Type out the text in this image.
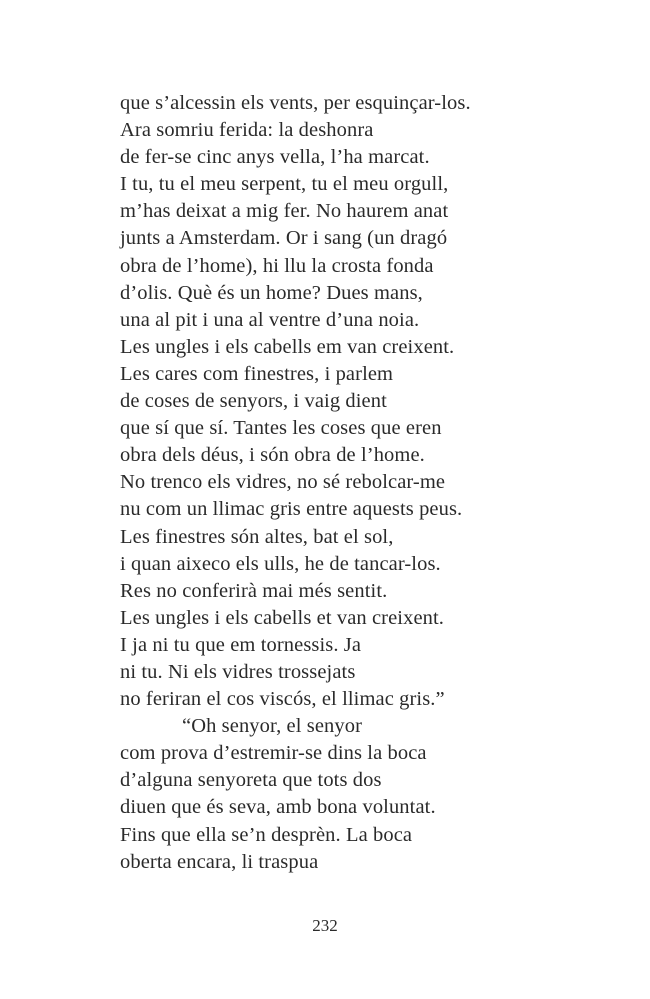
que s’alcessin els vents, per esquinçar-los.
Ara somriu ferida: la deshonra
de fer-se cinc anys vella, l’ha marcat.
I tu, tu el meu serpent, tu el meu orgull,
m’has deixat a mig fer. No haurem anat
junts a Amsterdam. Or i sang (un dragó
obra de l’home), hi llu la crosta fonda
d’olis. Què és un home? Dues mans,
una al pit i una al ventre d’una noia.
Les ungles i els cabells em van creixent.
Les cares com finestres, i parlem
de coses de senyors, i vaig dient
que sí que sí. Tantes les coses que eren
obra dels déus, i són obra de l’home.
No trenco els vidres, no sé rebolcar-me
nu com un llimac gris entre aquests peus.
Les finestres són altes, bat el sol,
i quan aixeco els ulls, he de tancar-los.
Res no conferirà mai més sentit.
Les ungles i els cabells et van creixent.
I ja ni tu que em tornessis. Ja
ni tu. Ni els vidres trossejats
no feriran el cos viscós, el llimac gris.”
“Oh senyor, el senyor
com prova d’estremir-se dins la boca
d’alguna senyoreta que tots dos
diuen que és seva, amb bona voluntat.
Fins que ella se’n desprèn. La boca
oberta encara, li traspua
232
